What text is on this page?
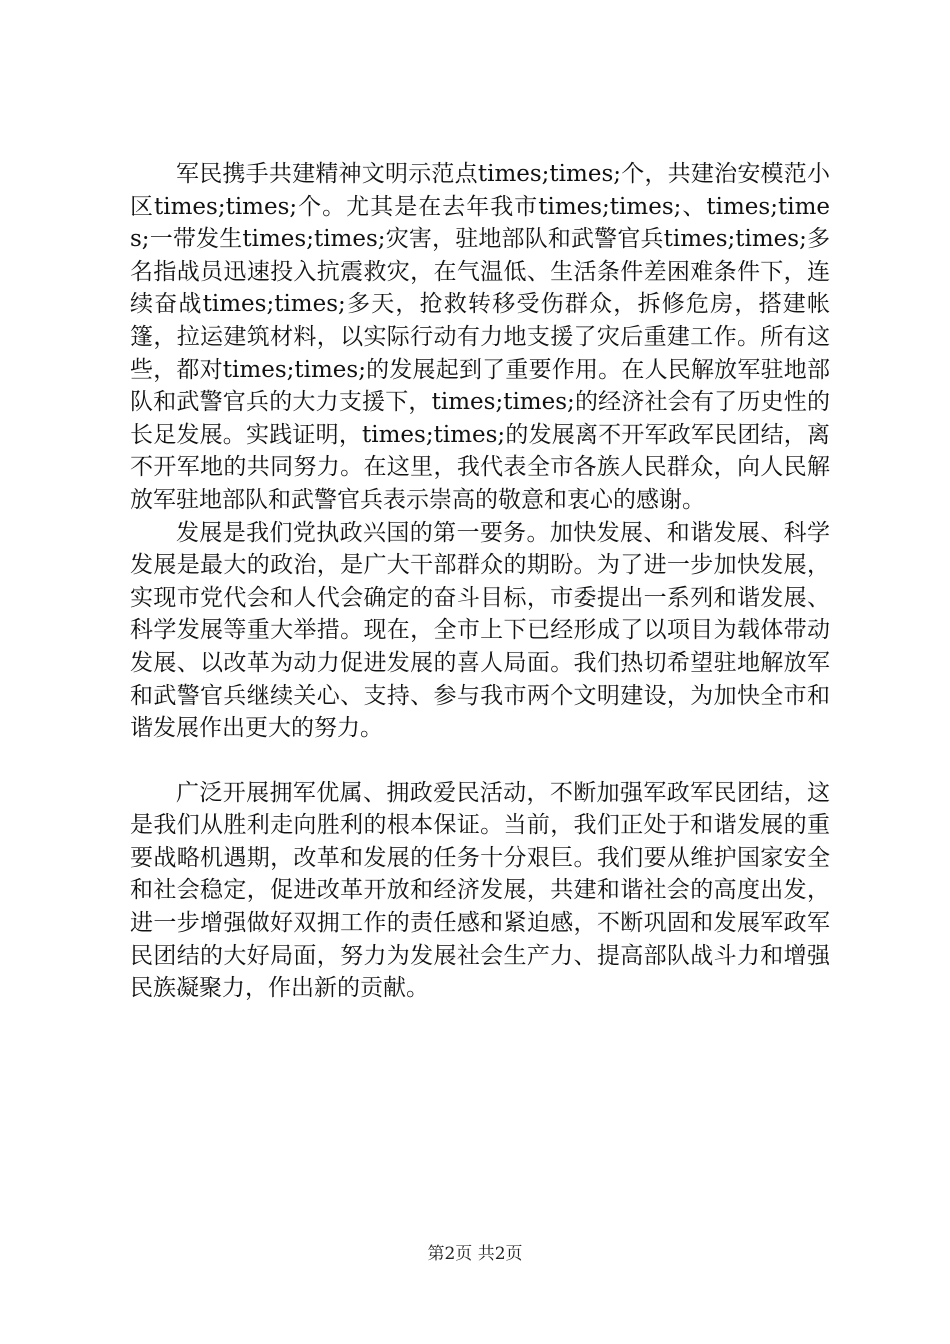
军民携手共建精神文明示范点times;times;个，共建治安模范小区times;times;个。尤其是在去年我市times;times;、times;times;一带发生times;times;灾害，驻地部队和武警官兵times;times;多名指战员迅速投入抗震救灾，在气温低、生活条件差困难条件下，连续奋战times;times;多天，抢救转移受伤群众，拆修危房，搭建帐篷，拉运建筑材料，以实际行动有力地支援了灾后重建工作。所有这些，都对times;times;的发展起到了重要作用。在人民解放军驻地部队和武警官兵的大力支援下，times;times;的经济社会有了历史性的长足发展。实践证明，times;times;的发展离不开军政军民团结，离不开军地的共同努力。在这里，我代表全市各族人民群众，向人民解放军驻地部队和武警官兵表示崇高的敬意和衷心的感谢。

发展是我们党执政兴国的第一要务。加快发展、和谐发展、科学发展是最大的政治，是广大干部群众的期盼。为了进一步加快发展，实现市党代会和人代会确定的奋斗目标，市委提出一系列和谐发展、科学发展等重大举措。现在，全市上下已经形成了以项目为载体带动发展、以改革为动力促进发展的喜人局面。我们热切希望驻地解放军和武警官兵继续关心、支持、参与我市两个文明建设，为加快全市和谐发展作出更大的努力。

广泛开展拥军优属、拥政爱民活动，不断加强军政军民团结，这是我们从胜利走向胜利的根本保证。当前，我们正处于和谐发展的重要战略机遇期，改革和发展的任务十分艰巨。我们要从维护国家安全和社会稳定，促进改革开放和经济发展，共建和谐社会的高度出发，进一步增强做好双拥工作的责任感和紧迫感，不断巩固和发展军政军民团结的大好局面，努力为发展社会生产力、提高部队战斗力和增强民族凝聚力，作出新的贡献。

第2页 共2页
